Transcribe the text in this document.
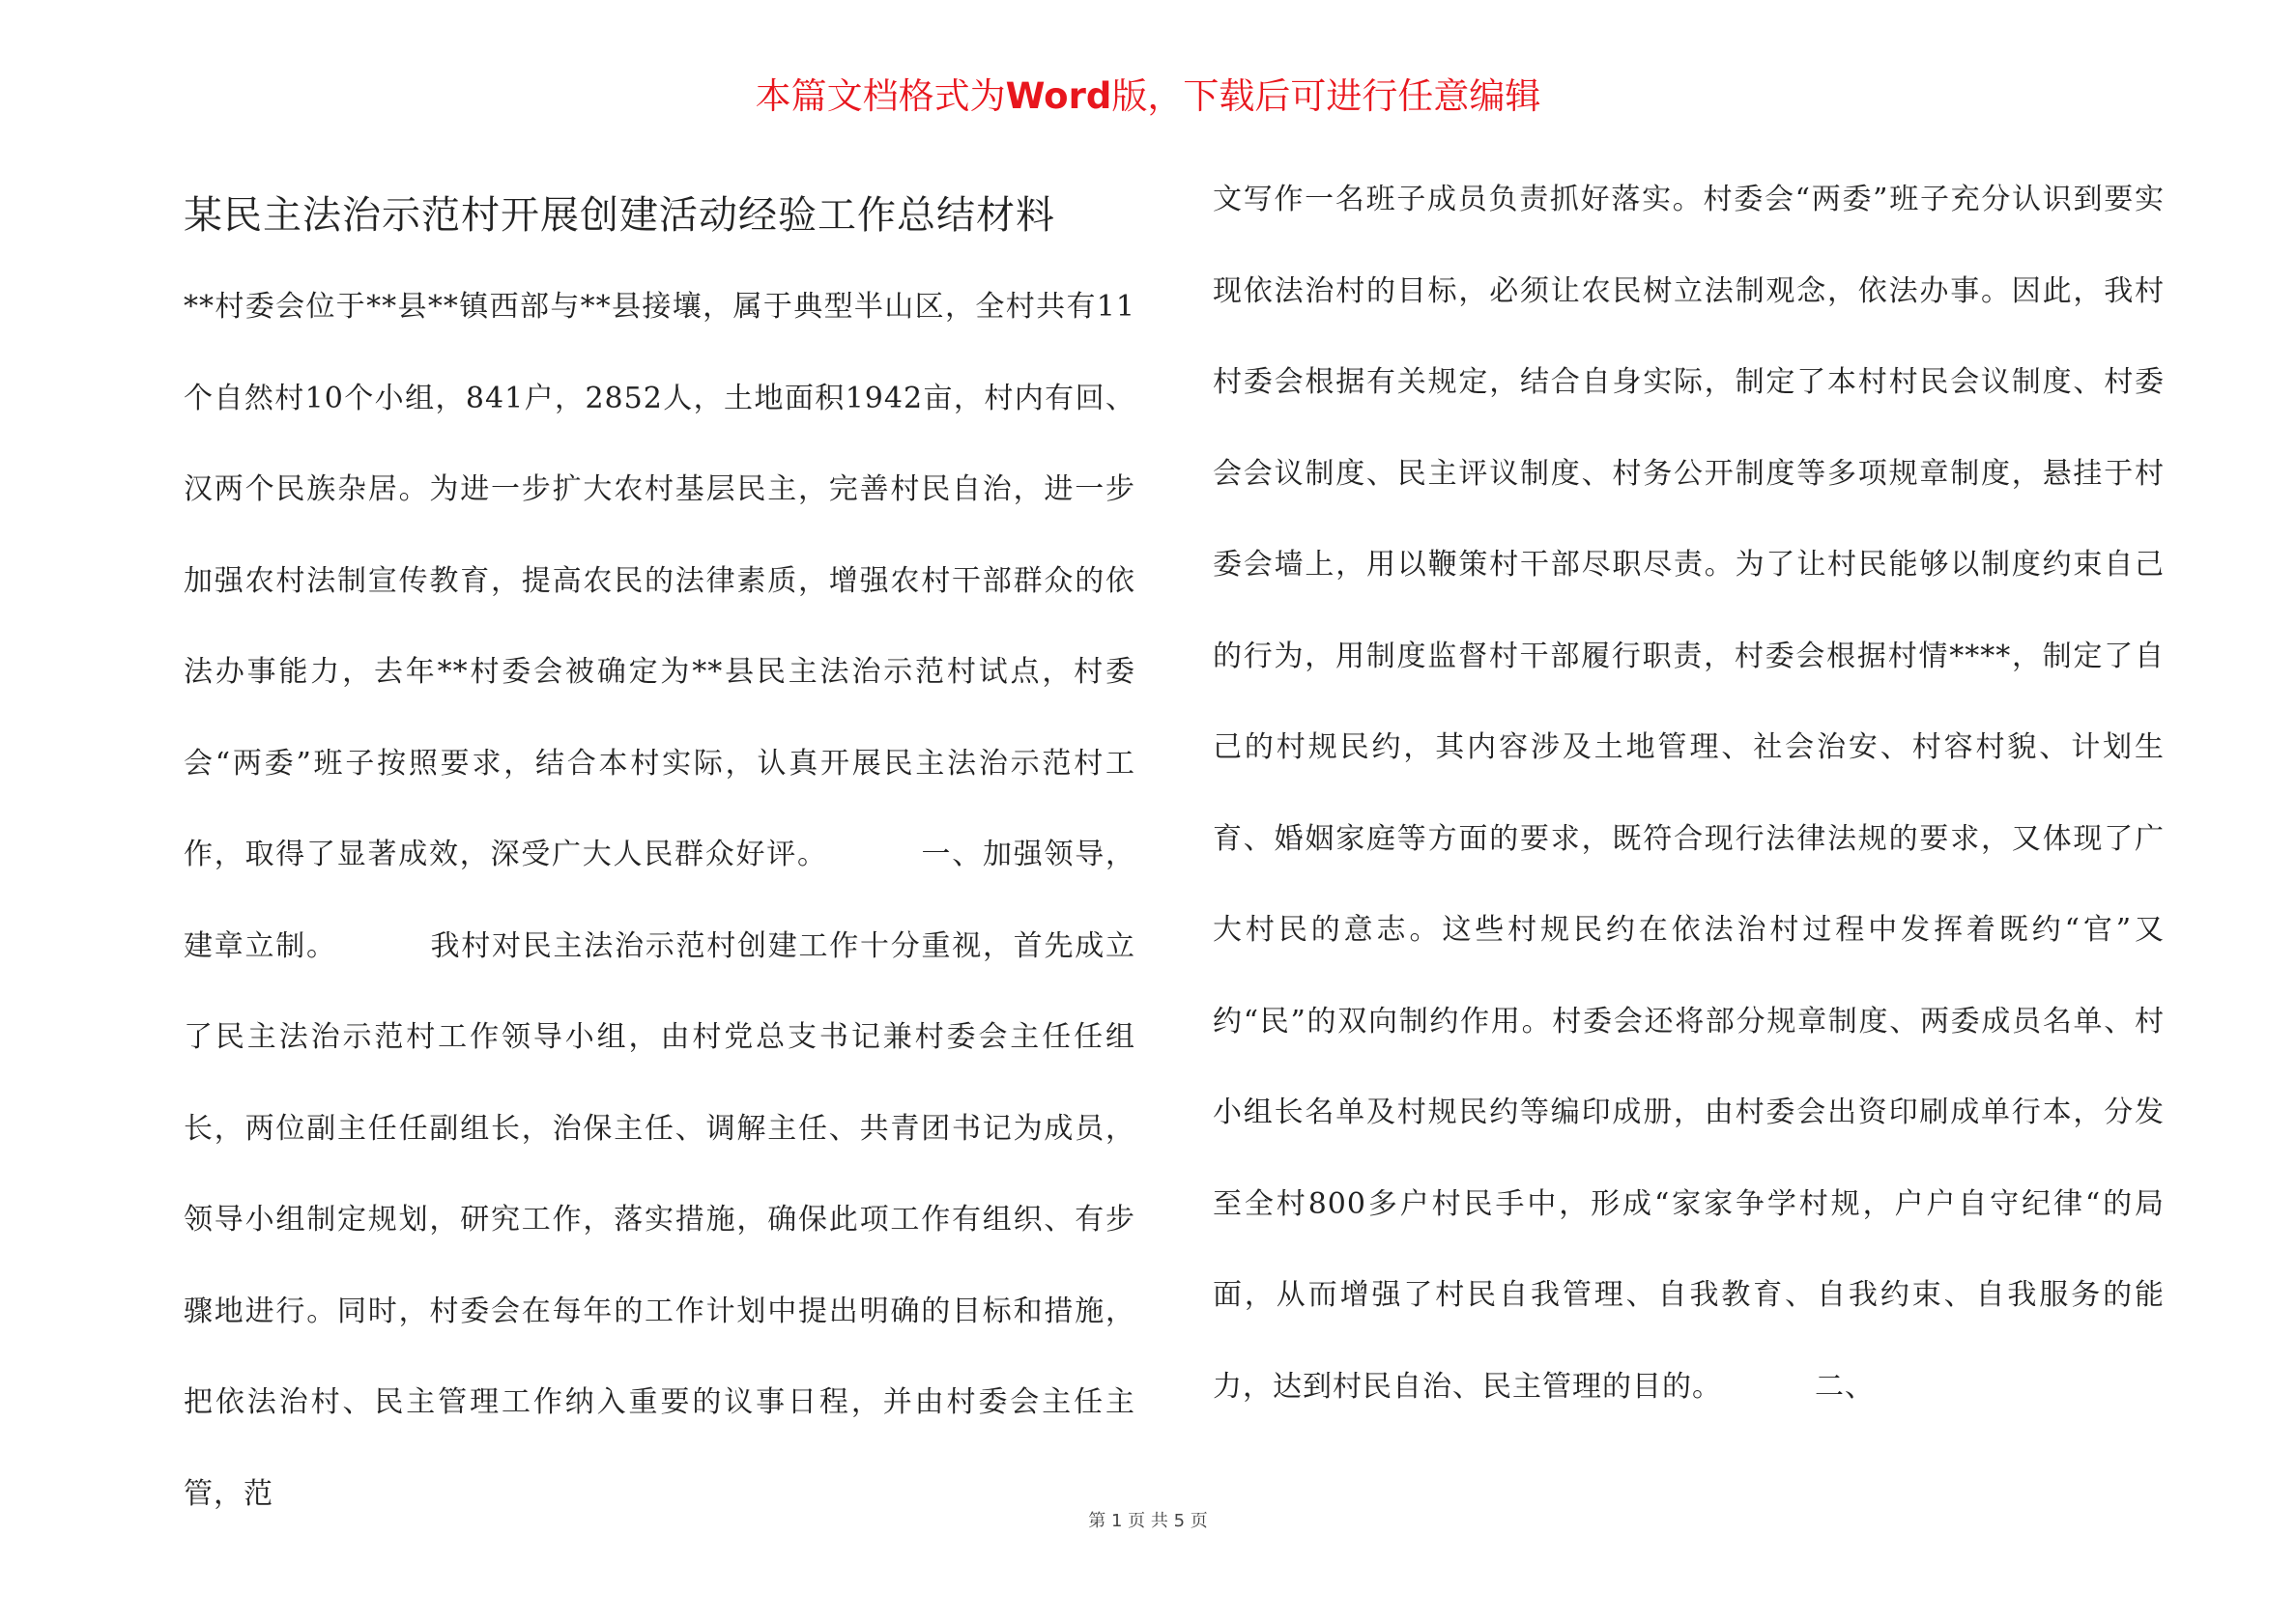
本篇文档格式为Word版，下载后可进行任意编辑
某民主法治示范村开展创建活动经验工作总结材料

**村委会位于**县**镇西部与**县接壤，属于典型半山区，全村共有11个自然村10个小组，841户，2852人，土地面积1942亩，村内有回、汉两个民族杂居。为进一步扩大农村基层民主，完善村民自治，进一步加强农村法制宣传教育，提高农民的法律素质，增强农村干部群众的依法办事能力，去年**村委会被确定为**县民主法治示范村试点，村委会“两委”班子按照要求，结合本村实际，认真开展民主法治示范村工作，取得了显著成效，深受广大人民群众好评。	一、加强领导，建章立制。	我村对民主法治示范村创建工作十分重视，首先成立了民主法治示范村工作领导小组，由村党总支书记兼村委会主任任组长，两位副主任任副组长，治保主任、调解主任、共青团书记为成员，领导小组制定规划，研究工作，落实措施，确保此项工作有组织、有步骤地进行。同时，村委会在每年的工作计划中提出明确的目标和措施，把依法治村、民主管理工作纳入重要的议事日程，并由村委会主任主管，范

文写作一名班子成员负责抓好落实。村委会“两委”班子充分认识到要实现依法治村的目标，必须让农民树立法制观念，依法办事。因此，我村村委会根据有关规定，结合自身实际，制定了本村村民会议制度、村委会会议制度、民主评议制度、村务公开制度等多项规章制度，悬挂于村委会墙上，用以鞭策村干部尽职尽责。为了让村民能够以制度约束自己的行为，用制度监督村干部履行职责，村委会根据村情****，制定了自己的村规民约，其内容涉及土地管理、社会治安、村容村貌、计划生育、婚姻家庭等方面的要求，既符合现行法律法规的要求，又体现了广大村民的意志。这些村规民约在依法治村过程中发挥着既约“官”又约“民”的双向制约作用。村委会还将部分规章制度、两委成员名单、村小组长名单及村规民约等编印成册，由村委会出资印刷成单行本，分发至全村800多户村民手中，形成“家家争学村规，户户自守纪律“的局面，从而增强了村民自我管理、自我教育、自我约束、自我服务的能力，达到村民自治、民主管理的目的。	二、

第 1 页 共 5 页
